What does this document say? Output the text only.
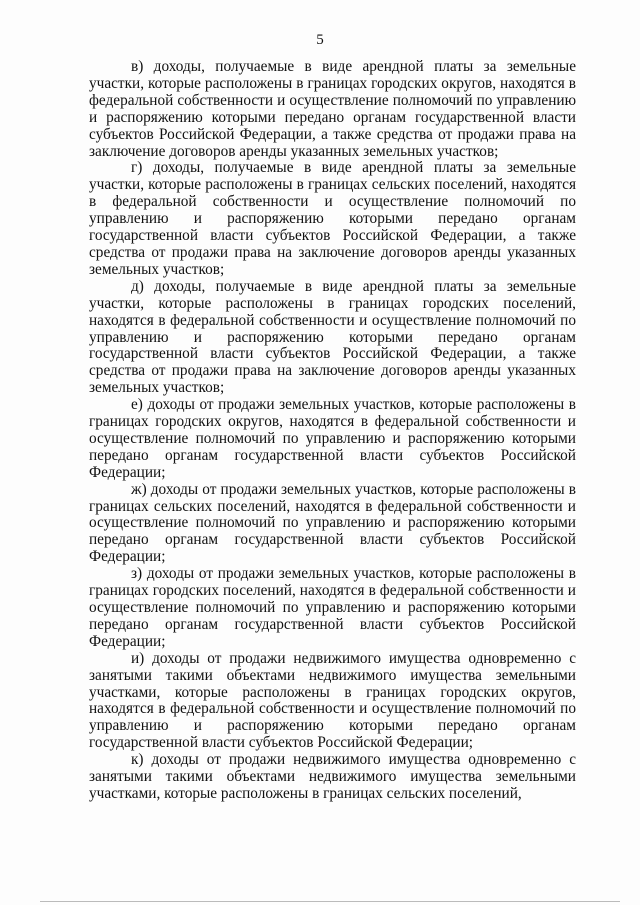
5

в) доходы, получаемые в виде арендной платы за земельные участки, которые расположены в границах городских округов, находятся в федеральной собственности и осуществление полномочий по управлению и распоряжению которыми передано органам государственной власти субъектов Российской Федерации, а также средства от продажи права на заключение договоров аренды указанных земельных участков;

г) доходы, получаемые в виде арендной платы за земельные участки, которые расположены в границах сельских поселений, находятся в федеральной собственности и осуществление полномочий по управлению и распоряжению которыми передано органам государственной власти субъектов Российской Федерации, а также средства от продажи права на заключение договоров аренды указанных земельных участков;

д) доходы, получаемые в виде арендной платы за земельные участки, которые расположены в границах городских поселений, находятся в федеральной собственности и осуществление полномочий по управлению и распоряжению которыми передано органам государственной власти субъектов Российской Федерации, а также средства от продажи права на заключение договоров аренды указанных земельных участков;

е) доходы от продажи земельных участков, которые расположены в границах городских округов, находятся в федеральной собственности и осуществление полномочий по управлению и распоряжению которыми передано органам государственной власти субъектов Российской Федерации;

ж) доходы от продажи земельных участков, которые расположены в границах сельских поселений, находятся в федеральной собственности и осуществление полномочий по управлению и распоряжению которыми передано органам государственной власти субъектов Российской Федерации;

з) доходы от продажи земельных участков, которые расположены в границах городских поселений, находятся в федеральной собственности и осуществление полномочий по управлению и распоряжению которыми передано органам государственной власти субъектов Российской Федерации;

и) доходы от продажи недвижимого имущества одновременно с занятыми такими объектами недвижимого имущества земельными участками, которые расположены в границах городских округов, находятся в федеральной собственности и осуществление полномочий по управлению и распоряжению которыми передано органам государственной власти субъектов Российской Федерации;

к) доходы от продажи недвижимого имущества одновременно с занятыми такими объектами недвижимого имущества земельными участками, которые расположены в границах сельских поселений,
